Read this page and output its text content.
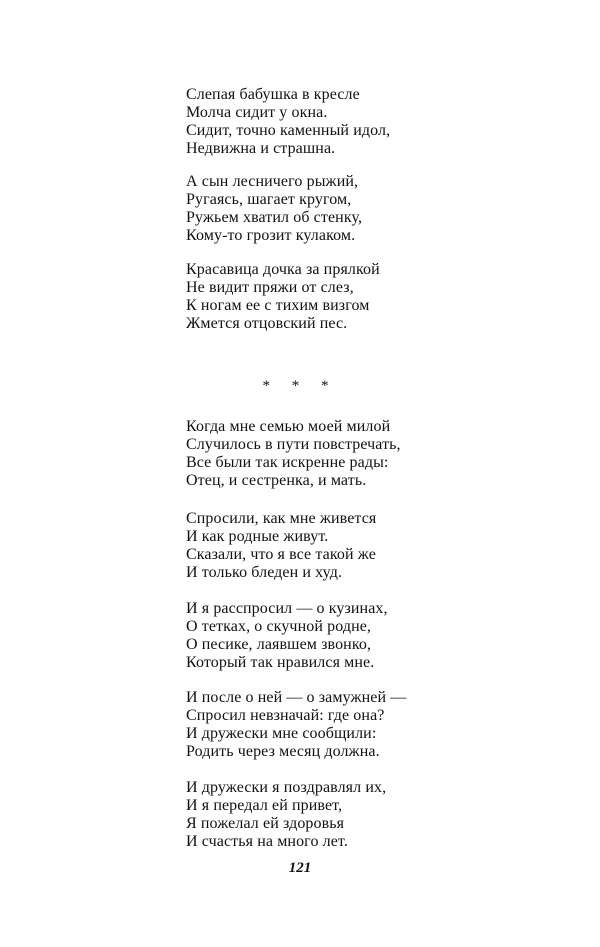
Слепая бабушка в кресле
Молча сидит у окна.
Сидит, точно каменный идол,
Недвижна и страшна.
А сын лесничего рыжий,
Ругаясь, шагает кругом,
Ружьем хватил об стенку,
Кому-то грозит кулаком.
Красавица дочка за прялкой
Не видит пряжи от слез,
К ногам ее с тихим визгом
Жмется отцовский пес.
* * *
Когда мне семью моей милой
Случилось в пути повстречать,
Все были так искренне рады:
Отец, и сестренка, и мать.
Спросили, как мне живется
И как родные живут.
Сказали, что я все такой же
И только бледен и худ.
И я расспросил — о кузинах,
О тетках, о скучной родне,
О песике, лаявшем звонко,
Который так нравился мне.
И после о ней — о замужней —
Спросил невзначай: где она?
И дружески мне сообщили:
Родить через месяц должна.
И дружески я поздравлял их,
И я передал ей привет,
Я пожелал ей здоровья
И счастья на много лет.
121
